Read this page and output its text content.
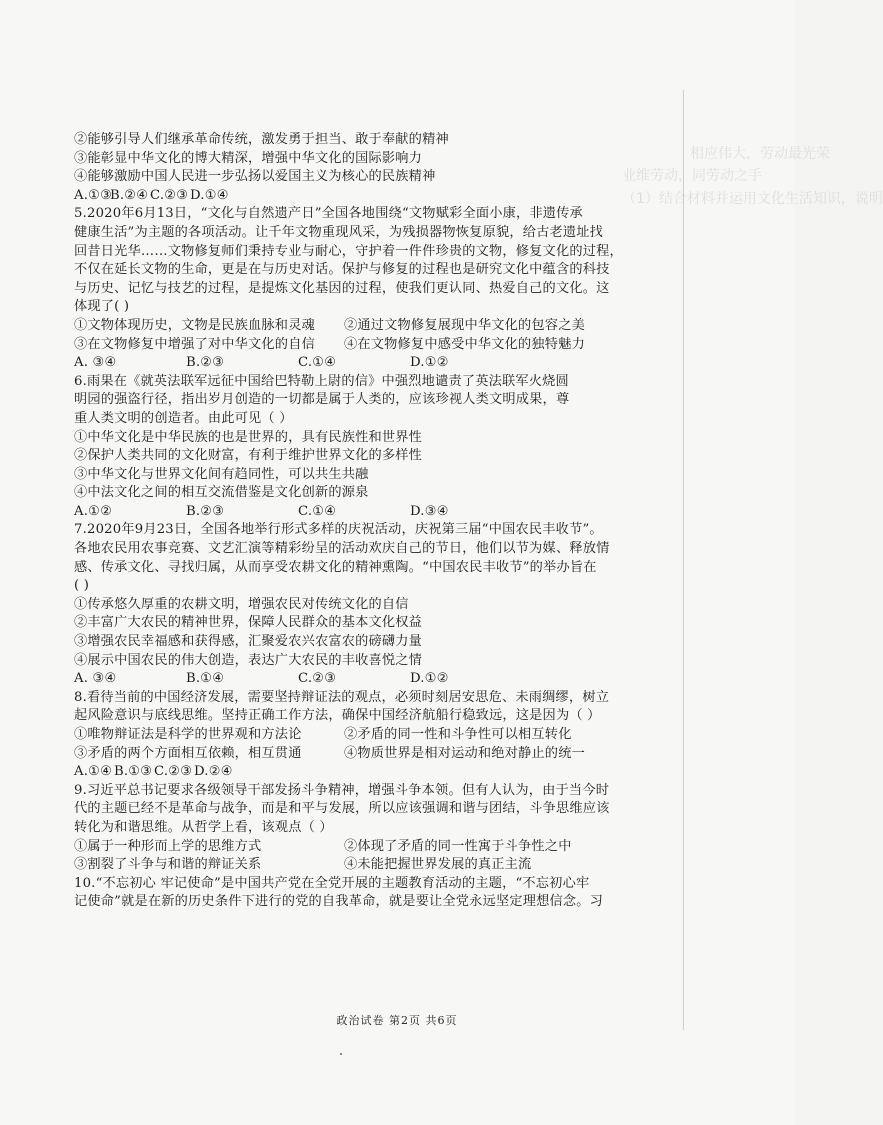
相应伟大，劳动最光荣
业维劳动，同劳动之手
（1）结合材料并运用文化生活知识，说明
②能够引导人们继承革命传统，激发勇于担当、敢于奉献的精神
③能彰显中华文化的博大精深，增强中华文化的国际影响力
④能够激励中国人民进一步弘扬以爱国主义为核心的民族精神
A.①③
B.②④ C.②③ D.①④
5.2020年6月13日，“文化与自然遗产日”全国各地围绕“文物赋彩全面小康，非遗传承
健康生活”为主题的各项活动。让千年文物重现风采，为残损器物恢复原貌，给古老遗址找
回昔日光华……文物修复师们秉持专业与耐心，守护着一件件珍贵的文物，修复文化的过程，
不仅在延长文物的生命，更是在与历史对话。保护与修复的过程也是研究文化中蕴含的科技
与历史、记忆与技艺的过程，是提炼文化基因的过程，使我们更认同、热爱自己的文化。这
体现了( )
①文物体现历史，文物是民族血脉和灵魂	②通过文物修复展现中华文化的包容之美
③在文物修复中增强了对中华文化的自信	④在文物修复中感受中华文化的独特魅力
A. ③④	B.②③	C.①④	D.①②
6.雨果在《就英法联军远征中国给巴特勒上尉的信》中强烈地谴责了英法联军火烧圆
明园的强盗行径，指出岁月创造的一切都是属于人类的，应该珍视人类文明成果，尊
重人类文明的创造者。由此可见（ ）
①中华文化是中华民族的也是世界的，具有民族性和世界性
②保护人类共同的文化财富，有利于维护世界文化的多样性
③中华文化与世界文化间有趋同性，可以共生共融
④中法文化之间的相互交流借鉴是文化创新的源泉
A.①②	B.②③	C.①④	D.③④
7.2020年9月23日，全国各地举行形式多样的庆祝活动，庆祝第三届“中国农民丰收节”。
各地农民用农事竞赛、文艺汇演等精彩纷呈的活动欢庆自己的节日，他们以节为媒、释放情
感、传承文化、寻找归属，从而享受农耕文化的精神熏陶。“中国农民丰收节”的举办旨在
( )
①传承悠久厚重的农耕文明，增强农民对传统文化的自信
②丰富广大农民的精神世界，保障人民群众的基本文化权益
③增强农民幸福感和获得感，汇聚爱农兴农富农的磅礴力量
④展示中国农民的伟大创造，表达广大农民的丰收喜悦之情
A. ③④	B.①④	C.②③	D.①②
8.看待当前的中国经济发展，需要坚持辩证法的观点，必须时刻居安思危、未雨绸缪，树立
起风险意识与底线思维。坚持正确工作方法，确保中国经济航船行稳致远，这是因为（ ）
①唯物辩证法是科学的世界观和方法论	②矛盾的同一性和斗争性可以相互转化
③矛盾的两个方面相互依赖，相互贯通	④物质世界是相对运动和绝对静止的统一
A.①④ B.①③ C.②③ D.②④
9.习近平总书记要求各级领导干部发扬斗争精神，增强斗争本领。但有人认为，由于当今时
代的主题已经不是革命与战争，而是和平与发展，所以应该强调和谐与团结，斗争思维应该
转化为和谐思维。从哲学上看，该观点（ ）
①属于一种形而上学的思维方式	②体现了矛盾的同一性寓于斗争性之中
③割裂了斗争与和谐的辩证关系	④未能把握世界发展的真正主流
10.“不忘初心 牢记使命”是中国共产党在全党开展的主题教育活动的主题，“不忘初心牢
记使命”就是在新的历史条件下进行的党的自我革命，就是要让全党永远坚定理想信念。习
政治试卷 第2页 共6页
